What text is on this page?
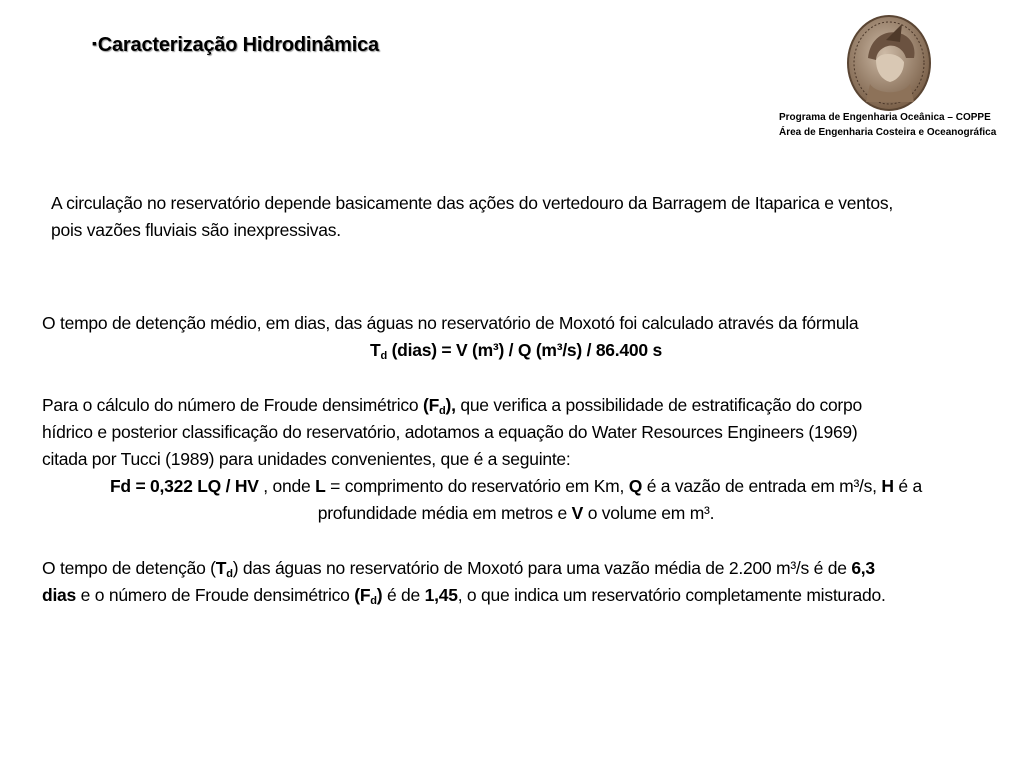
▪Caracterização Hidrodinâmica
Programa de Engenharia Oceânica – COPPE
Área de Engenharia Costeira e Oceanográfica
A circulação no reservatório depende basicamente das ações do vertedouro da Barragem de Itaparica e ventos,
pois vazões fluviais são inexpressivas.
O tempo de detenção médio, em dias, das águas no reservatório de Moxotó foi calculado através da fórmula
$T_d$ (dias) = V (m³) / Q (m³/s) / 86.400 s
Para o cálculo do número de Froude densimétrico $(F_d)$, que verifica a possibilidade de estratificação do corpo
hídrico e posterior classificação do reservatório, adotamos a equação do Water Resources Engineers (1969)
citada por Tucci (1989) para unidades convenientes, que é a seguinte:
Fd = 0,322 LQ / HV , onde L = comprimento do reservatório em Km, Q é a vazão de entrada em m³/s, H é a
profundidade média em metros e V o volume em m³.
O tempo de detenção $(T_d)$ das águas no reservatório de Moxotó para uma vazão média de 2.200 m³/s é de 6,3
dias e o número de Froude densimétrico $(F_d)$ é de 1,45, o que indica um reservatório completamente misturado.
